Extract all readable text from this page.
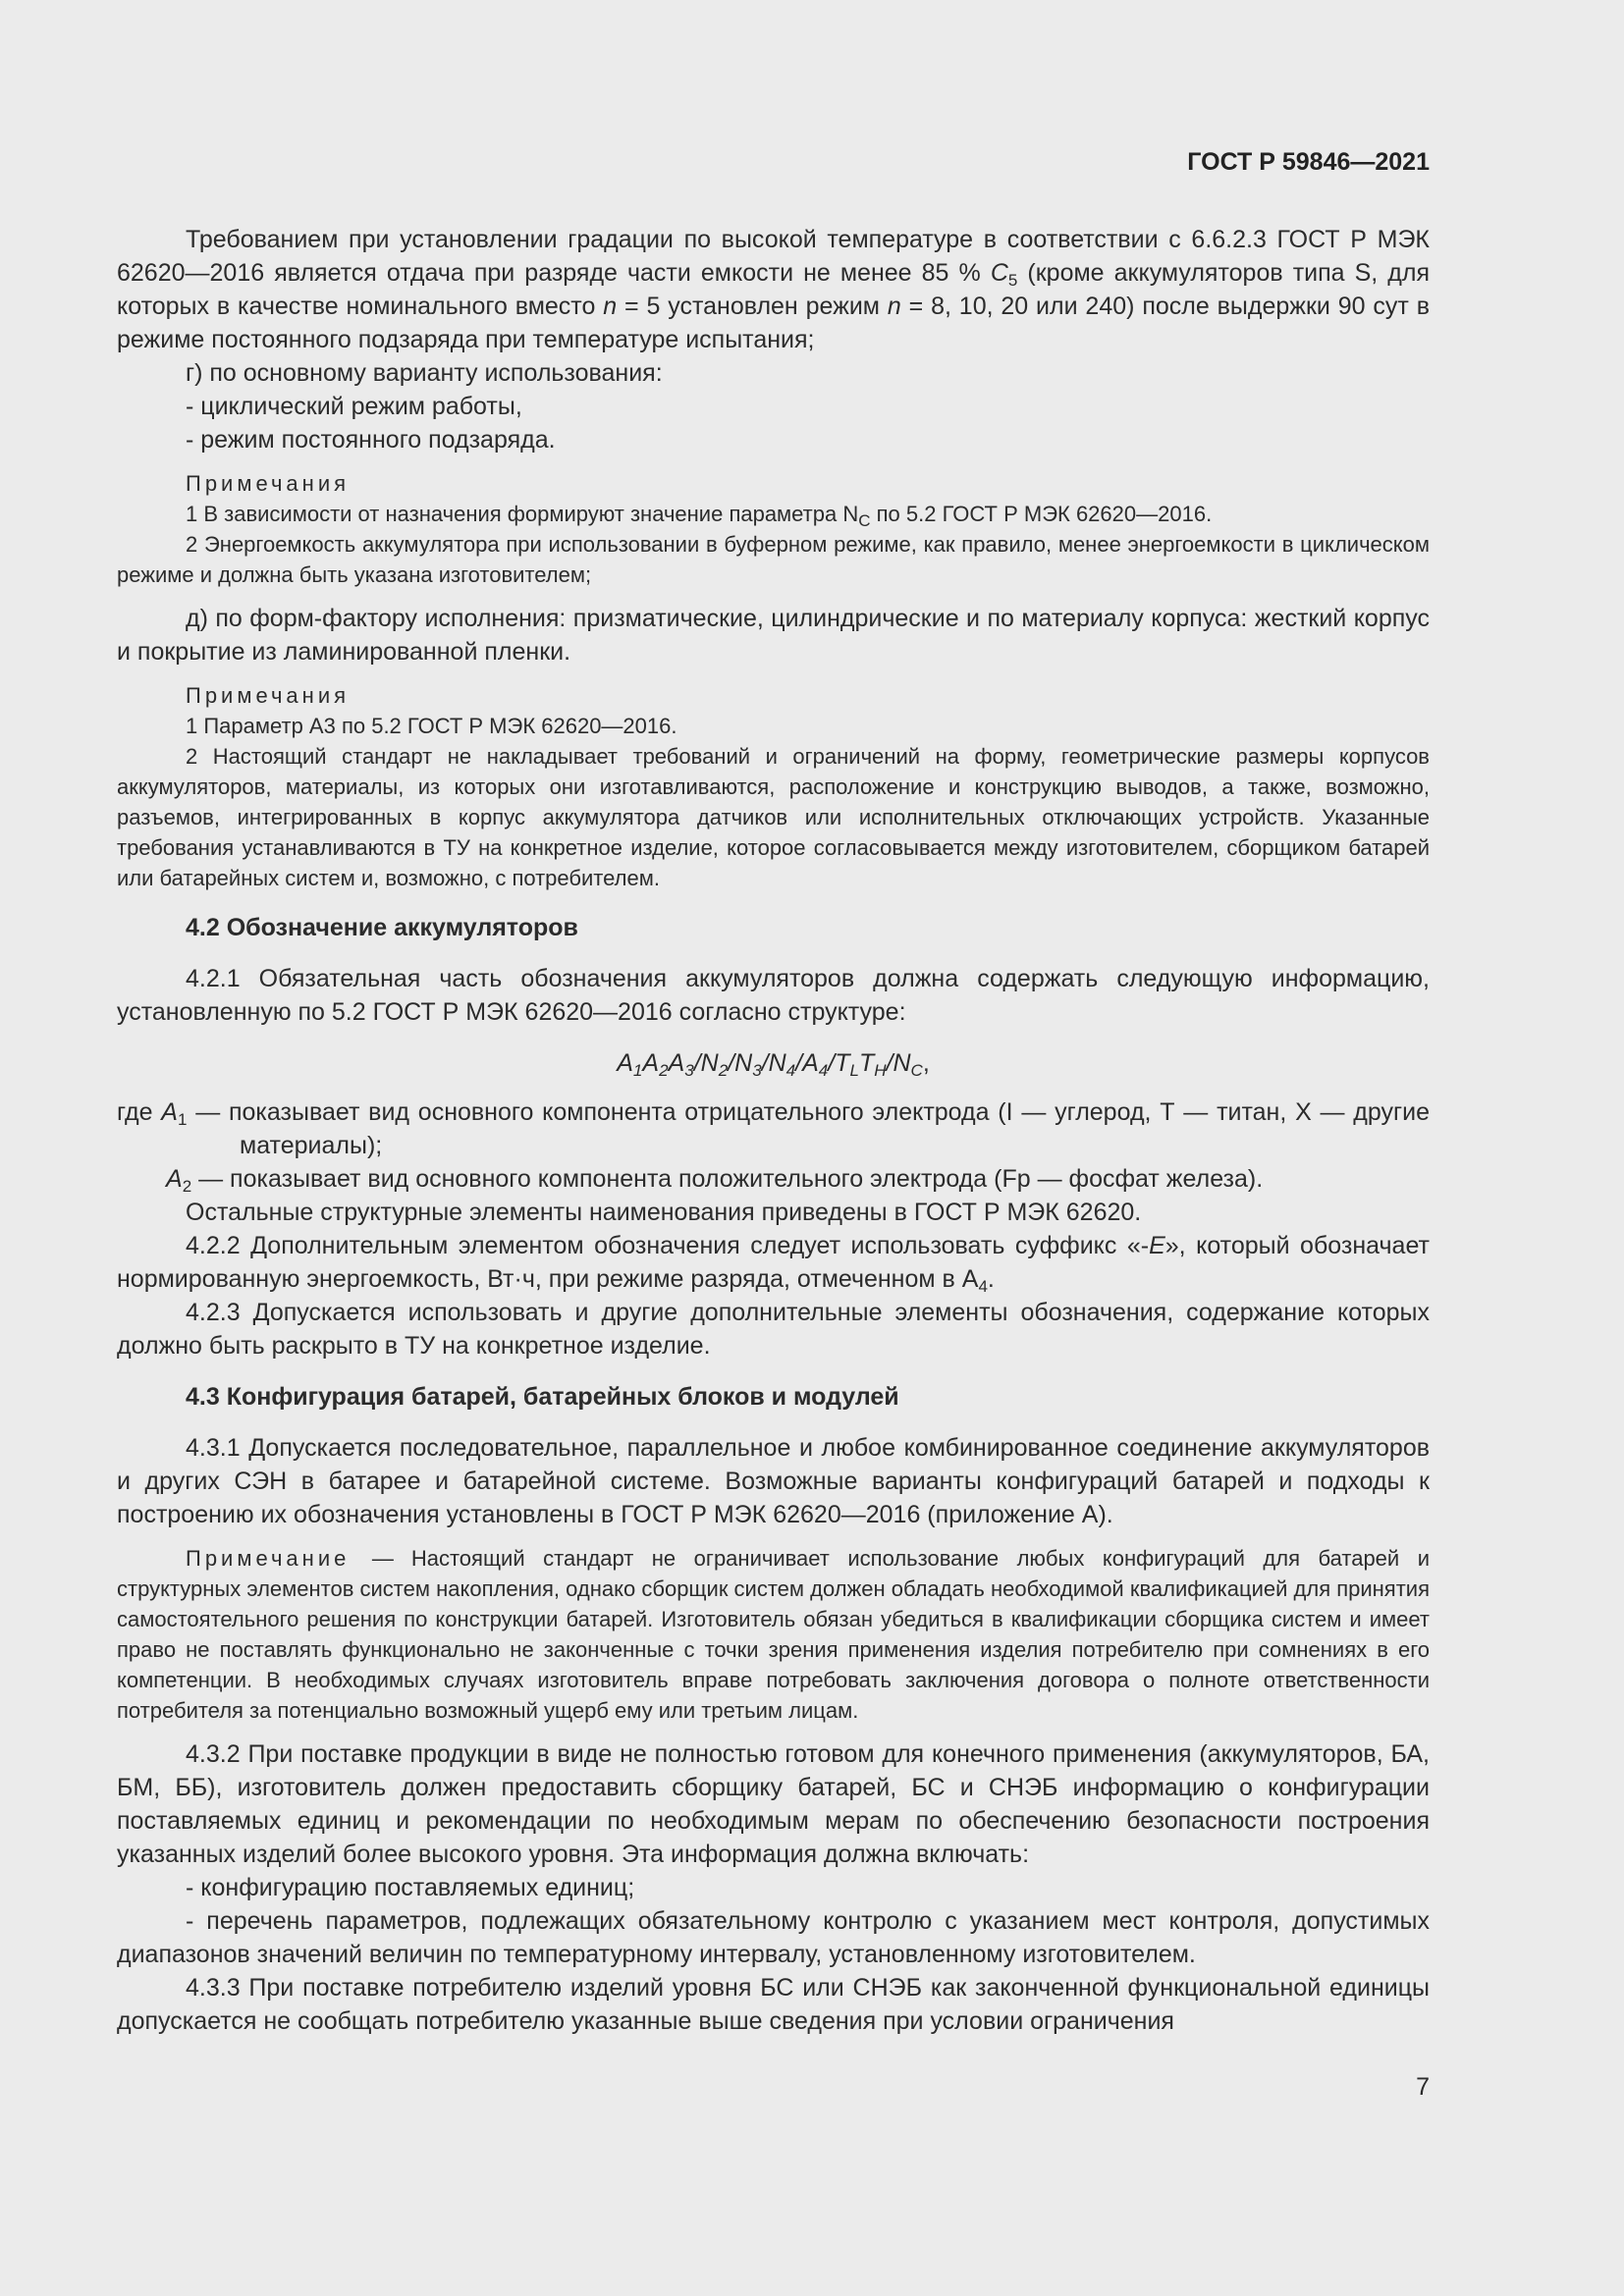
ГОСТ Р 59846—2021

Требованием при установлении градации по высокой температуре в соответствии с 6.6.2.3 ГОСТ Р МЭК 62620—2016 является отдача при разряде части емкости не менее 85 % $C_5$ (кроме аккумуляторов типа S, для которых в качестве номинального вместо n = 5 установлен режим n = 8, 10, 20 или 240) после выдержки 90 сут в режиме постоянного подзаряда при температуре испытания;

г) по основному варианту использования:

- циклический режим работы,

- режим постоянного подзаряда.

Примечания

1 В зависимости от назначения формируют значение параметра $N_C$ по 5.2 ГОСТ Р МЭК 62620—2016.

2 Энергоемкость аккумулятора при использовании в буферном режиме, как правило, менее энергоемкости в циклическом режиме и должна быть указана изготовителем;

д) по форм-фактору исполнения: призматические, цилиндрические и по материалу корпуса: жесткий корпус и покрытие из ламинированной пленки.

Примечания

1 Параметр А3 по 5.2 ГОСТ Р МЭК 62620—2016.

2 Настоящий стандарт не накладывает требований и ограничений на форму, геометрические размеры корпусов аккумуляторов, материалы, из которых они изготавливаются, расположение и конструкцию выводов, а также, возможно, разъемов, интегрированных в корпус аккумулятора датчиков или исполнительных отключающих устройств. Указанные требования устанавливаются в ТУ на конкретное изделие, которое согласовывается между изготовителем, сборщиком батарей или батарейных систем и, возможно, с потребителем.

4.2 Обозначение аккумуляторов

4.2.1 Обязательная часть обозначения аккумуляторов должна содержать следующую информацию, установленную по 5.2 ГОСТ Р МЭК 62620—2016 согласно структуре:

$A_1A_2A_3/N_2/N_3/N_4/A_4/T_LT_H/N_C$,

где $A_1$ — показывает вид основного компонента отрицательного электрода (I — углерод, Т — титан, X — другие материалы);

$A_2$ — показывает вид основного компонента положительного электрода (Fp — фосфат железа).

Остальные структурные элементы наименования приведены в ГОСТ Р МЭК 62620.

4.2.2 Дополнительным элементом обозначения следует использовать суффикс «-E», который обозначает нормированную энергоемкость, Вт·ч, при режиме разряда, отмеченном в $А_4$.

4.2.3 Допускается использовать и другие дополнительные элементы обозначения, содержание которых должно быть раскрыто в ТУ на конкретное изделие.

4.3 Конфигурация батарей, батарейных блоков и модулей

4.3.1 Допускается последовательное, параллельное и любое комбинированное соединение аккумуляторов и других СЭН в батарее и батарейной системе. Возможные варианты конфигураций батарей и подходы к построению их обозначения установлены в ГОСТ Р МЭК 62620—2016 (приложение А).

Примечание — Настоящий стандарт не ограничивает использование любых конфигураций для батарей и структурных элементов систем накопления, однако сборщик систем должен обладать необходимой квалификацией для принятия самостоятельного решения по конструкции батарей. Изготовитель обязан убедиться в квалификации сборщика систем и имеет право не поставлять функционально не законченные с точки зрения применения изделия потребителю при сомнениях в его компетенции. В необходимых случаях изготовитель вправе потребовать заключения договора о полноте ответственности потребителя за потенциально возможный ущерб ему или третьим лицам.

4.3.2 При поставке продукции в виде не полностью готовом для конечного применения (аккумуляторов, БА, БМ, ББ), изготовитель должен предоставить сборщику батарей, БС и СНЭБ информацию о конфигурации поставляемых единиц и рекомендации по необходимым мерам по обеспечению безопасности построения указанных изделий более высокого уровня. Эта информация должна включать:

- конфигурацию поставляемых единиц;

- перечень параметров, подлежащих обязательному контролю с указанием мест контроля, допустимых диапазонов значений величин по температурному интервалу, установленному изготовителем.

4.3.3 При поставке потребителю изделий уровня БС или СНЭБ как законченной функциональной единицы допускается не сообщать потребителю указанные выше сведения при условии ограничения

7
